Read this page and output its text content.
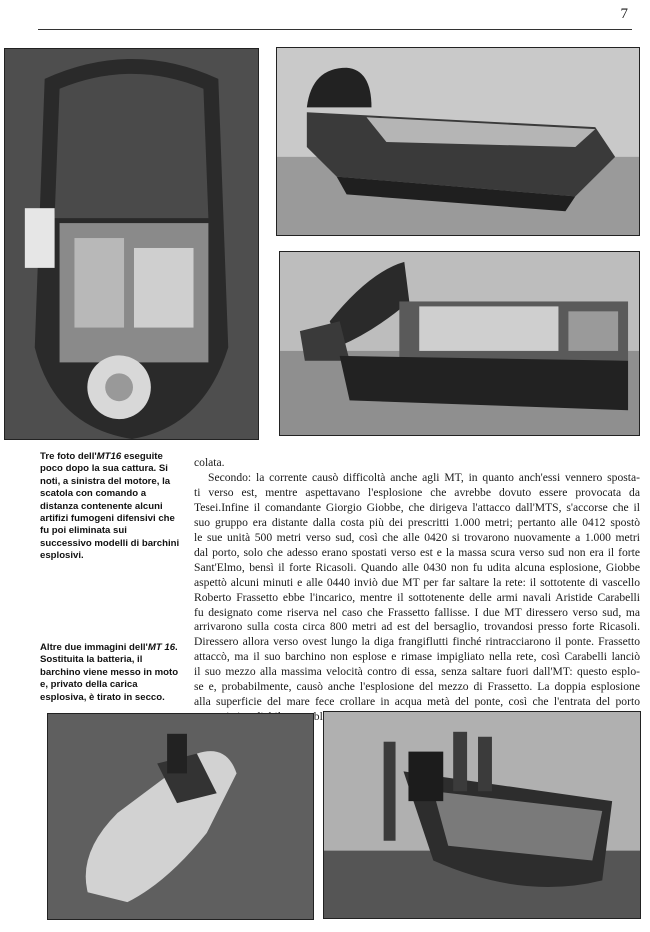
7
Tre foto dell'MT16 eseguite poco dopo la sua cattura. Si noti, a sinistra del motore, la scatola con comando a distanza contenente alcuni artifizi fumogeni difensivi che fu poi eliminata sui successivo modelli di barchini esplosivi.
Altre due immagini dell'MT 16. Sostituita la batteria, il barchino viene messo in moto e, privato della carica esplosiva, è tirato in secco.
colata.
Secondo: la corrente causò difficoltà anche agli MT, in quanto anch'essi vennero sposta-
ti verso est, mentre aspettavano l'esplosione che avrebbe dovuto essere provocata da
Tesei.Infine il comandante Giorgio Giobbe, che dirigeva l'attacco dall'MTS, s'accorse che il
suo gruppo era distante dalla costa più dei prescritti 1.000 metri; pertanto alle 0412 spostò
le sue unità 500 metri verso sud, così che alle 0420 si trovarono nuovamente a 1.000 metri
dal porto, solo che adesso erano spostati verso est e la massa scura verso sud non era il forte
Sant'Elmo, bensì il forte Ricasoli. Quando alle 0430 non fu udita alcuna esplosione, Giobbe
aspettò alcuni minuti e alle 0440 inviò due MT per far saltare la rete: il sottotente di vascello
Roberto Frassetto ebbe l'incarico, mentre il sottotenente delle armi navali Aristide Carabelli
fu designato come riserva nel caso che Frassetto fallisse. I due MT diressero verso sud, ma
arrivarono sulla costa circa 800 metri ad est del bersaglio, trovandosi presso forte Ricasoli.
Diressero allora verso ovest lungo la diga frangiflutti finché rintracciarono il ponte. Frassetto
attaccò, ma il suo barchino non esplose e rimase impigliato nella rete, così Carabelli lanciò
il suo mezzo alla massima velocità contro di essa, senza saltare fuori dall'MT: questo esplo-
se e, probabilmente, causò anche l'esplosione del mezzo di Frassetto. La doppia esplosione
alla superficie del mare fece crollare in acqua metà del ponte, così che l'entrata del porto
